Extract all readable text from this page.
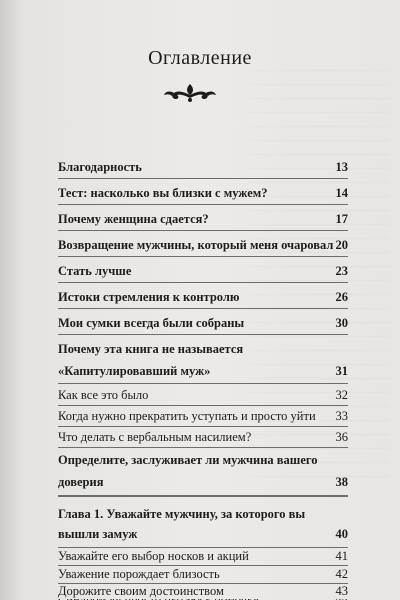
Оглавление
Благодарность	13
Тест: насколько вы близки с мужем?	14
Почему женщина сдается?	17
Возвращение мужчины, который меня очаровал 20
Стать лучше	23
Истоки стремления к контролю	26
Мои сумки всегда были собраны	30
Почему эта книга не называется
«Капитулировавший муж»	31
Как все это было	32
Когда нужно прекратить уступать и просто уйти	33
Что делать с вербальным насилием?	36
Определите, заслуживает ли мужчина вашего
доверия	38
Глава 1. Уважайте мужчину, за которого вы
вышли замуж	40
Уважайте его выбор носков и акций	41
Уважение порождает близость	42
Дорожите своим достоинством	43
